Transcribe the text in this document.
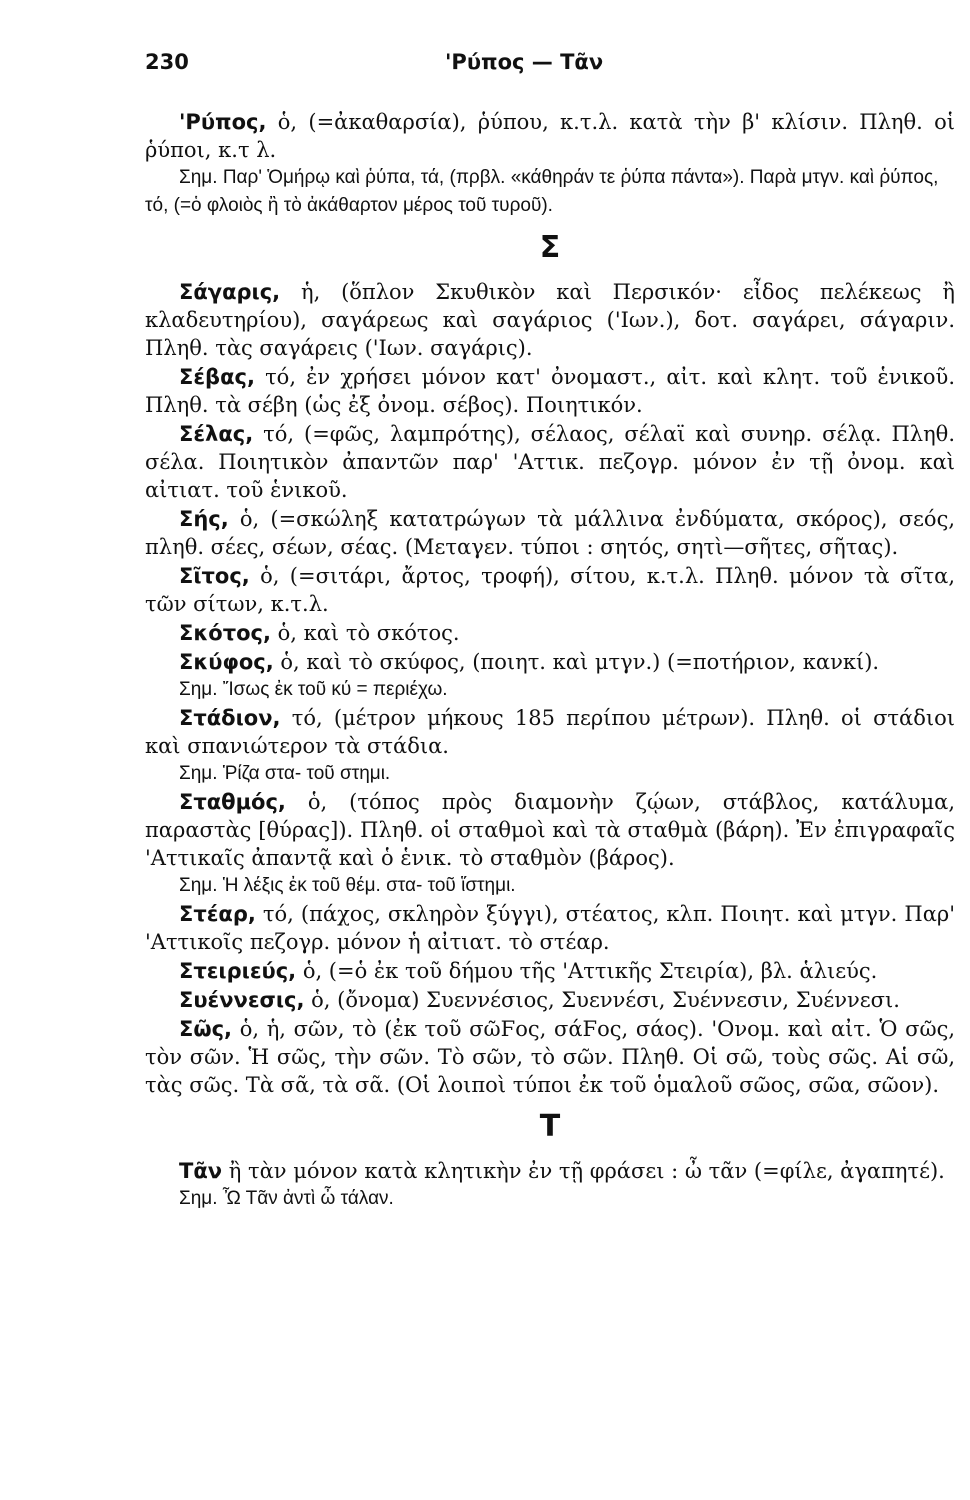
230	'Ρύπος — Τᾶν

'Ρύπος, ὁ, (=ἀκαθαρσία), ῥύπου, κ.τ.λ. κατὰ τὴν β' κλίσιν. Πληθ. οἱ ῥύποι, κ.τ λ.

Σημ. Παρ' Ὁμήρῳ καὶ ῥύπα, τά, (πρβλ. «κάθηράν τε ῥύπα πάντα»). Παρὰ μτγν. καὶ ῥύπος, τό, (=ὁ φλοιὸς ἢ τὸ ἀκάθαρτον μέρος τοῦ τυροῦ).

Σ

Σάγαρις, ἡ, (ὅπλον Σκυθικὸν καὶ Περσικόν· εἶδος πελέκεως ἢ κλαδευτηρίου), σαγάρεως καὶ σαγάριος ('Ιων.), δοτ. σαγάρει, σάγαριν. Πληθ. τὰς σαγάρεις ('Ιων. σαγάρις).

Σέβας, τό, ἐν χρήσει μόνον κατ' ὀνομαστ., αἰτ. καὶ κλητ. τοῦ ἑνικοῦ. Πληθ. τὰ σέβη (ὡς ἐξ ὀνομ. σέβος). Ποιητικόν.

Σέλας, τό, (=φῶς, λαμπρότης), σέλαος, σέλαϊ καὶ συνηρ. σέλᾳ. Πληθ. σέλα. Ποιητικὸν ἀπαντῶν παρ' 'Αττικ. πεζογρ. μόνον ἐν τῇ ὀνομ. καὶ αἰτιατ. τοῦ ἑνικοῦ.

Σής, ὁ, (=σκώληξ κατατρώγων τὰ μάλλινα ἐνδύματα, σκόρος), σεός, πληθ. σέες, σέων, σέας. (Μεταγεν. τύποι : σητός, σητὶ—σῆτες, σῆτας).

Σῖτος, ὁ, (=σιτάρι, ἄρτος, τροφή), σίτου, κ.τ.λ. Πληθ. μόνον τὰ σῖτα, τῶν σίτων, κ.τ.λ.

Σκότος, ὁ, καὶ τὸ σκότος.

Σκύφος, ὁ, καὶ τὸ σκύφος, (ποιητ. καὶ μτγν.) (=ποτήριον, κανκί).

Σημ. Ἴσως ἐκ τοῦ κύ = περιέχω.

Στάδιον, τό, (μέτρον μήκους 185 περίπου μέτρων). Πληθ. οἱ στάδιοι καὶ σπανιώτερον τὰ στάδια.

Σημ. Ῥίζα στα- τοῦ στημι.

Σταθμός, ὁ, (τόπος πρὸς διαμονὴν ζῴων, στάβλος, κατάλυμα, παραστὰς [θύρας]). Πληθ. οἱ σταθμοὶ καὶ τὰ σταθμὰ (βάρη). Ἐν ἐπιγραφαῖς 'Αττικαῖς ἀπαντᾷ καὶ ὁ ἑνικ. τὸ σταθμὸν (βάρος).

Σημ. Ἡ λέξις ἐκ τοῦ θέμ. στα- τοῦ ἵστημι.

Στέαρ, τό, (πάχος, σκληρὸν ξύγγι), στέατος, κλπ. Ποιητ. καὶ μτγν. Παρ' 'Αττικοῖς πεζογρ. μόνον ἡ αἰτιατ. τὸ στέαρ.

Στειριεύς, ὁ, (=ὁ ἐκ τοῦ δήμου τῆς 'Αττικῆς Στειρία), βλ. ἁλιεύς.

Συέννεσις, ὁ, (ὄνομα) Συεννέσιος, Συεννέσι, Συέννεσιν, Συέννεσι.

Σῶς, ὁ, ἡ, σῶν, τὸ (ἐκ τοῦ σῶϜος, σάϜος, σάος). 'Ονομ. καὶ αἰτ. Ὁ σῶς, τὸν σῶν. Ἡ σῶς, τὴν σῶν. Τὸ σῶν, τὸ σῶν. Πληθ. Οἱ σῶ, τοὺς σῶς. Αἱ σῶ, τὰς σῶς. Τὰ σᾶ, τὰ σᾶ. (Οἱ λοιποὶ τύποι ἐκ τοῦ ὁμαλοῦ σῶος, σῶα, σῶον).

Τ

Τᾶν ἢ τὰν μόνον κατὰ κλητικὴν ἐν τῇ φράσει : ὦ τᾶν (=φίλε, ἀγαπητέ).

Σημ. Ὦ Τᾶν ἀντὶ ὦ τάλαν.
